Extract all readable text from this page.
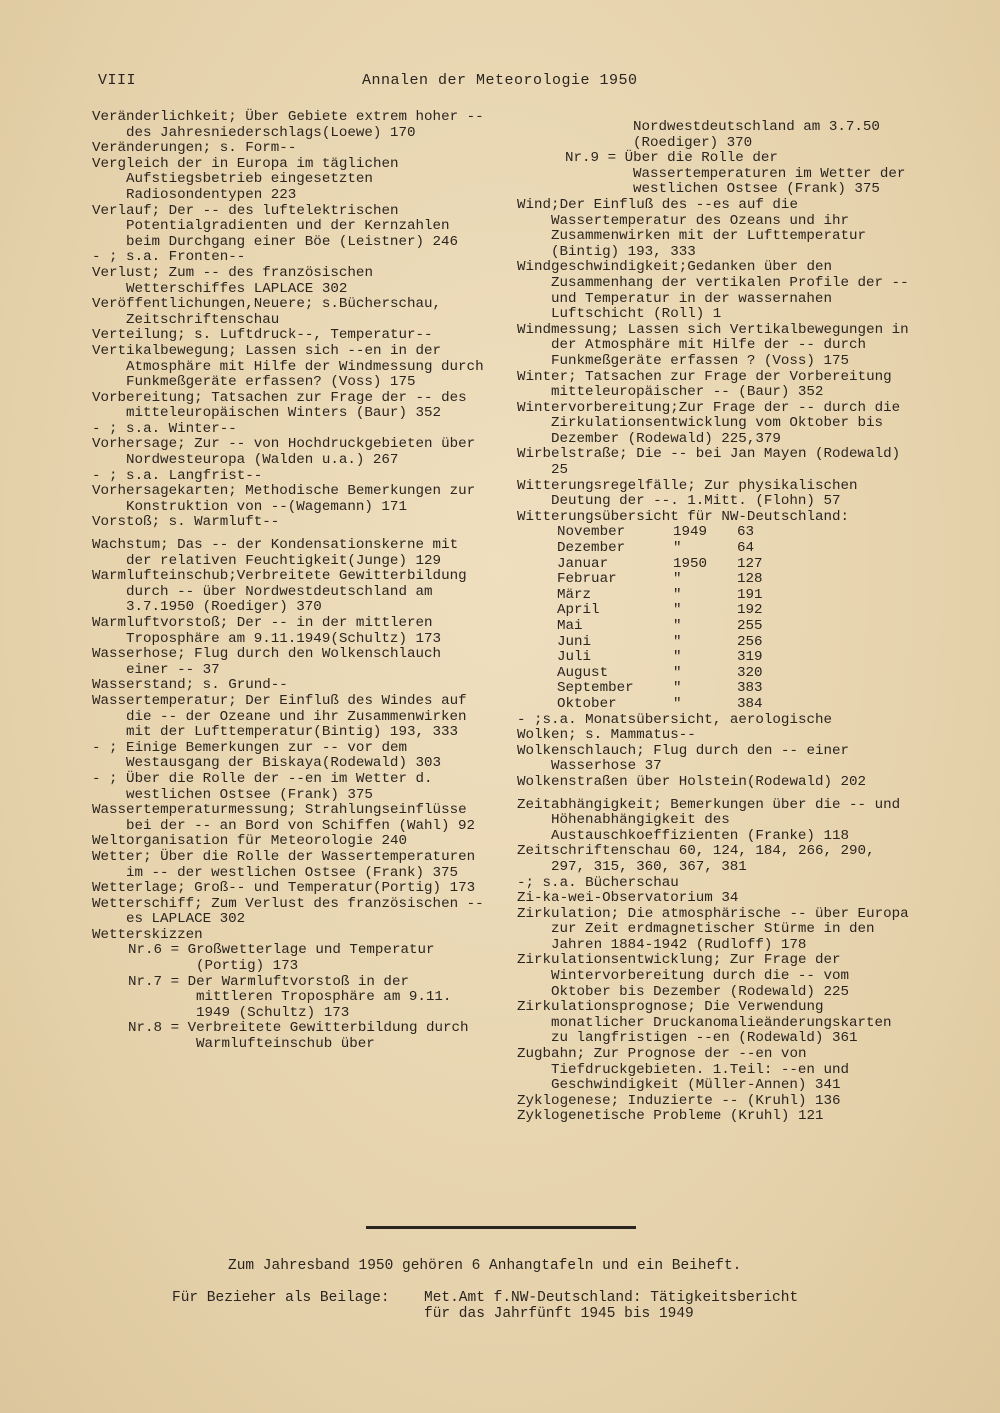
VIII	Annalen der Meteorologie 1950

Veränderlichkeit; Über Gebiete extrem hoher -- des Jahresniederschlags(Loewe) 170

Veränderungen; s. Form--

Vergleich der in Europa im täglichen Aufstiegsbetrieb eingesetzten Radiosondentypen 223

Verlauf; Der -- des luftelektrischen Potentialgradienten und der Kernzahlen beim Durchgang einer Böe (Leistner) 246

- ; s.a. Fronten--

Verlust; Zum -- des französischen Wetterschiffes LAPLACE 302

Veröffentlichungen,Neuere; s.Bücherschau, Zeitschriftenschau

Verteilung; s. Luftdruck--, Temperatur--

Vertikalbewegung; Lassen sich --en in der Atmosphäre mit Hilfe der Windmessung durch Funkmeßgeräte erfassen? (Voss) 175

Vorbereitung; Tatsachen zur Frage der -- des mitteleuropäischen Winters (Baur) 352

- ; s.a. Winter--

Vorhersage; Zur -- von Hochdruckgebieten über Nordwesteuropa (Walden u.a.) 267

- ; s.a. Langfrist--

Vorhersagekarten; Methodische Bemerkungen zur Konstruktion von --(Wagemann) 171

Vorstoß; s. Warmluft--

Wachstum; Das -- der Kondensationskerne mit der relativen Feuchtigkeit(Junge) 129

Warmlufteinschub;Verbreitete Gewitterbildung durch -- über Nordwestdeutschland am 3.7.1950 (Roediger) 370

Warmluftvorstoß; Der -- in der mittleren Troposphäre am 9.11.1949(Schultz) 173

Wasserhose; Flug durch den Wolkenschlauch einer -- 37

Wasserstand; s. Grund--

Wassertemperatur; Der Einfluß des Windes auf die -- der Ozeane und ihr Zusammenwirken mit der Lufttemperatur(Bintig) 193, 333

- ; Einige Bemerkungen zur -- vor dem Westausgang der Biskaya(Rodewald) 303

- ; Über die Rolle der --en im Wetter d. westlichen Ostsee (Frank) 375

Wassertemperaturmessung; Strahlungseinflüsse bei der -- an Bord von Schiffen (Wahl) 92

Weltorganisation für Meteorologie 240

Wetter; Über die Rolle der Wassertemperaturen im -- der westlichen Ostsee (Frank) 375

Wetterlage; Groß-- und Temperatur(Portig) 173

Wetterschiff; Zum Verlust des französischen --es LAPLACE 302

Wetterskizzen

Nr.6 = Großwetterlage und Temperatur (Portig) 173

Nr.7 = Der Warmluftvorstoß in der mittleren Troposphäre am 9.11. 1949 (Schultz) 173

Nr.8 = Verbreitete Gewitterbildung durch Warmlufteinschub über

Nordwestdeutschland am 3.7.50 (Roediger) 370

Nr.9 = Über die Rolle der Wassertemperaturen im Wetter der westlichen Ostsee (Frank) 375

Wind;Der Einfluß des --es auf die Wassertemperatur des Ozeans und ihr Zusammenwirken mit der Lufttemperatur (Bintig) 193, 333

Windgeschwindigkeit;Gedanken über den Zusammenhang der vertikalen Profile der -- und Temperatur in der wassernahen Luftschicht (Roll) 1

Windmessung; Lassen sich Vertikalbewegungen in der Atmosphäre mit Hilfe der -- durch Funkmeßgeräte erfassen ? (Voss) 175

Winter; Tatsachen zur Frage der Vorbereitung mitteleuropäischer -- (Baur) 352

Wintervorbereitung;Zur Frage der -- durch die Zirkulationsentwicklung vom Oktober bis Dezember (Rodewald) 225,379

Wirbelstraße; Die -- bei Jan Mayen (Rodewald) 25

Witterungsregelfälle; Zur physikalischen Deutung der --. 1.Mitt. (Flohn) 57

Witterungsübersicht für NW-Deutschland:

November	1949	63
Dezember	"	64
Januar	1950	127
Februar	"	128
März	"	191
April	"	192
Mai	"	255
Juni	"	256
Juli	"	319
August	"	320
September	"	383
Oktober	"	384

- ;s.a. Monatsübersicht, aerologische

Wolken; s. Mammatus--

Wolkenschlauch; Flug durch den -- einer Wasserhose 37

Wolkenstraßen über Holstein(Rodewald) 202

Zeitabhängigkeit; Bemerkungen über die -- und Höhenabhängigkeit des Austauschkoeffizienten (Franke) 118

Zeitschriftenschau 60, 124, 184, 266, 290, 297, 315, 360, 367, 381

-; s.a. Bücherschau

Zi-ka-wei-Observatorium 34

Zirkulation; Die atmosphärische -- über Europa zur Zeit erdmagnetischer Stürme in den Jahren 1884-1942 (Rudloff) 178

Zirkulationsentwicklung; Zur Frage der Wintervorbereitung durch die -- vom Oktober bis Dezember (Rodewald) 225

Zirkulationsprognose; Die Verwendung monatlicher Druckanomalieänderungskarten zu langfristigen --en (Rodewald) 361

Zugbahn; Zur Prognose der --en von Tiefdruckgebieten. 1.Teil: --en und Geschwindigkeit (Müller-Annen) 341

Zyklogenese; Induzierte -- (Kruhl) 136

Zyklogenetische Probleme (Kruhl) 121

Zum Jahresband 1950 gehören 6 Anhangtafeln und ein Beiheft.
Für Bezieher als Beilage: Met.Amt f.NW-Deutschland: Tätigkeitsbericht
für das Jahrfünft 1945 bis 1949
